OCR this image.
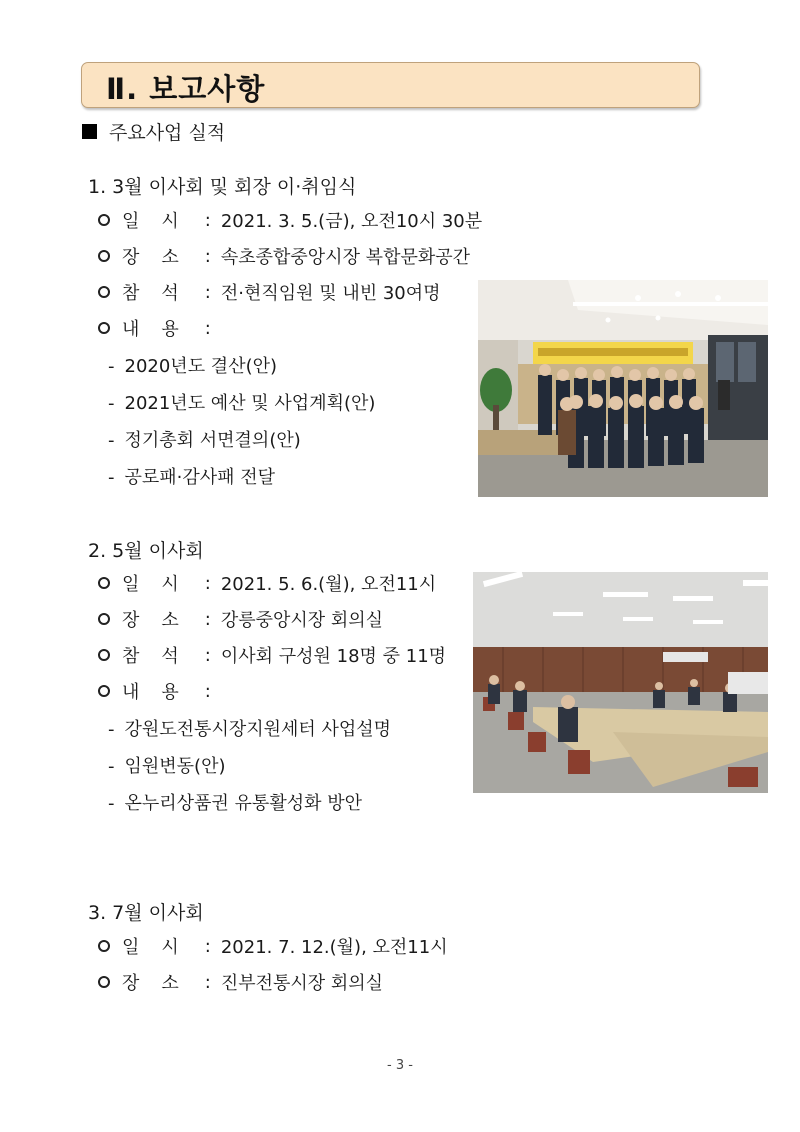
Ⅱ. 보고사항
주요사업 실적
1. 3월 이사회 및 회장 이·취임식
일시 : 2021. 3. 5.(금), 오전10시 30분
장소 : 속초종합중앙시장 복합문화공간
참석 : 전·현직임원 및 내빈 30여명
내용 :
- 2020년도 결산(안)
- 2021년도 예산 및 사업계획(안)
- 정기총회 서면결의(안)
- 공로패·감사패 전달
2. 5월 이사회
일시 : 2021. 5. 6.(월), 오전11시
장소 : 강릉중앙시장 회의실
참석 : 이사회 구성원 18명 중 11명
내용 :
- 강원도전통시장지원세터 사업설명
- 임원변동(안)
- 온누리상품권 유통활성화 방안
3. 7월 이사회
일시 : 2021. 7. 12.(월), 오전11시
장소 : 진부전통시장 회의실
- 3 -
